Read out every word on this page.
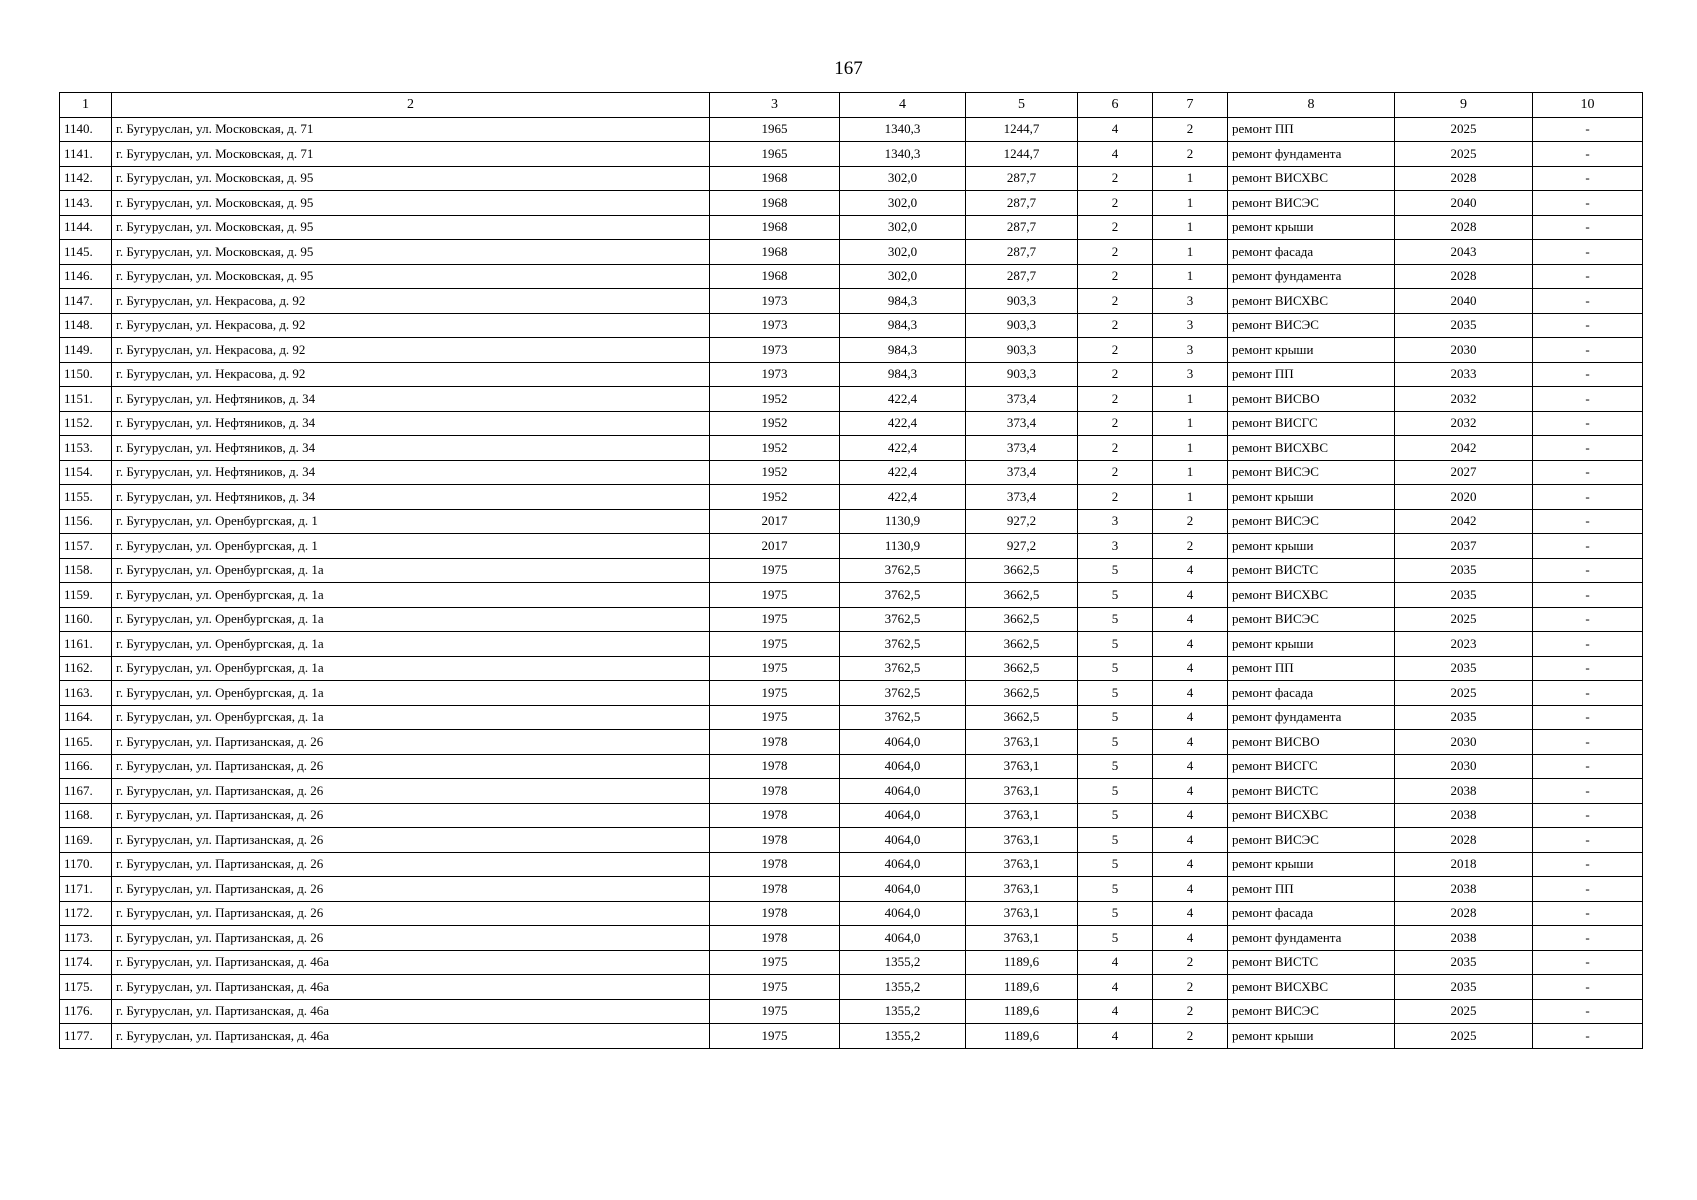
167
1	2	3	4	5	6	7	8	9	10
1140.	г. Бугуруслан, ул. Московская, д. 71	1965	1340,3	1244,7	4	2	ремонт ПП	2025	-
1141.	г. Бугуруслан, ул. Московская, д. 71	1965	1340,3	1244,7	4	2	ремонт фундамента	2025	-
1142.	г. Бугуруслан, ул. Московская, д. 95	1968	302,0	287,7	2	1	ремонт ВИСХВС	2028	-
1143.	г. Бугуруслан, ул. Московская, д. 95	1968	302,0	287,7	2	1	ремонт ВИСЭС	2040	-
1144.	г. Бугуруслан, ул. Московская, д. 95	1968	302,0	287,7	2	1	ремонт крыши	2028	-
1145.	г. Бугуруслан, ул. Московская, д. 95	1968	302,0	287,7	2	1	ремонт фасада	2043	-
1146.	г. Бугуруслан, ул. Московская, д. 95	1968	302,0	287,7	2	1	ремонт фундамента	2028	-
1147.	г. Бугуруслан, ул. Некрасова, д. 92	1973	984,3	903,3	2	3	ремонт ВИСХВС	2040	-
1148.	г. Бугуруслан, ул. Некрасова, д. 92	1973	984,3	903,3	2	3	ремонт ВИСЭС	2035	-
1149.	г. Бугуруслан, ул. Некрасова, д. 92	1973	984,3	903,3	2	3	ремонт крыши	2030	-
1150.	г. Бугуруслан, ул. Некрасова, д. 92	1973	984,3	903,3	2	3	ремонт ПП	2033	-
1151.	г. Бугуруслан, ул. Нефтяников, д. 34	1952	422,4	373,4	2	1	ремонт ВИСВО	2032	-
1152.	г. Бугуруслан, ул. Нефтяников, д. 34	1952	422,4	373,4	2	1	ремонт ВИСГС	2032	-
1153.	г. Бугуруслан, ул. Нефтяников, д. 34	1952	422,4	373,4	2	1	ремонт ВИСХВС	2042	-
1154.	г. Бугуруслан, ул. Нефтяников, д. 34	1952	422,4	373,4	2	1	ремонт ВИСЭС	2027	-
1155.	г. Бугуруслан, ул. Нефтяников, д. 34	1952	422,4	373,4	2	1	ремонт крыши	2020	-
1156.	г. Бугуруслан, ул. Оренбургская, д. 1	2017	1130,9	927,2	3	2	ремонт ВИСЭС	2042	-
1157.	г. Бугуруслан, ул. Оренбургская, д. 1	2017	1130,9	927,2	3	2	ремонт крыши	2037	-
1158.	г. Бугуруслан, ул. Оренбургская, д. 1а	1975	3762,5	3662,5	5	4	ремонт ВИСТС	2035	-
1159.	г. Бугуруслан, ул. Оренбургская, д. 1а	1975	3762,5	3662,5	5	4	ремонт ВИСХВС	2035	-
1160.	г. Бугуруслан, ул. Оренбургская, д. 1а	1975	3762,5	3662,5	5	4	ремонт ВИСЭС	2025	-
1161.	г. Бугуруслан, ул. Оренбургская, д. 1а	1975	3762,5	3662,5	5	4	ремонт крыши	2023	-
1162.	г. Бугуруслан, ул. Оренбургская, д. 1а	1975	3762,5	3662,5	5	4	ремонт ПП	2035	-
1163.	г. Бугуруслан, ул. Оренбургская, д. 1а	1975	3762,5	3662,5	5	4	ремонт фасада	2025	-
1164.	г. Бугуруслан, ул. Оренбургская, д. 1а	1975	3762,5	3662,5	5	4	ремонт фундамента	2035	-
1165.	г. Бугуруслан, ул. Партизанская, д. 26	1978	4064,0	3763,1	5	4	ремонт ВИСВО	2030	-
1166.	г. Бугуруслан, ул. Партизанская, д. 26	1978	4064,0	3763,1	5	4	ремонт ВИСГС	2030	-
1167.	г. Бугуруслан, ул. Партизанская, д. 26	1978	4064,0	3763,1	5	4	ремонт ВИСТС	2038	-
1168.	г. Бугуруслан, ул. Партизанская, д. 26	1978	4064,0	3763,1	5	4	ремонт ВИСХВС	2038	-
1169.	г. Бугуруслан, ул. Партизанская, д. 26	1978	4064,0	3763,1	5	4	ремонт ВИСЭС	2028	-
1170.	г. Бугуруслан, ул. Партизанская, д. 26	1978	4064,0	3763,1	5	4	ремонт крыши	2018	-
1171.	г. Бугуруслан, ул. Партизанская, д. 26	1978	4064,0	3763,1	5	4	ремонт ПП	2038	-
1172.	г. Бугуруслан, ул. Партизанская, д. 26	1978	4064,0	3763,1	5	4	ремонт фасада	2028	-
1173.	г. Бугуруслан, ул. Партизанская, д. 26	1978	4064,0	3763,1	5	4	ремонт фундамента	2038	-
1174.	г. Бугуруслан, ул. Партизанская, д. 46а	1975	1355,2	1189,6	4	2	ремонт ВИСТС	2035	-
1175.	г. Бугуруслан, ул. Партизанская, д. 46а	1975	1355,2	1189,6	4	2	ремонт ВИСХВС	2035	-
1176.	г. Бугуруслан, ул. Партизанская, д. 46а	1975	1355,2	1189,6	4	2	ремонт ВИСЭС	2025	-
1177.	г. Бугуруслан, ул. Партизанская, д. 46а	1975	1355,2	1189,6	4	2	ремонт крыши	2025	-
